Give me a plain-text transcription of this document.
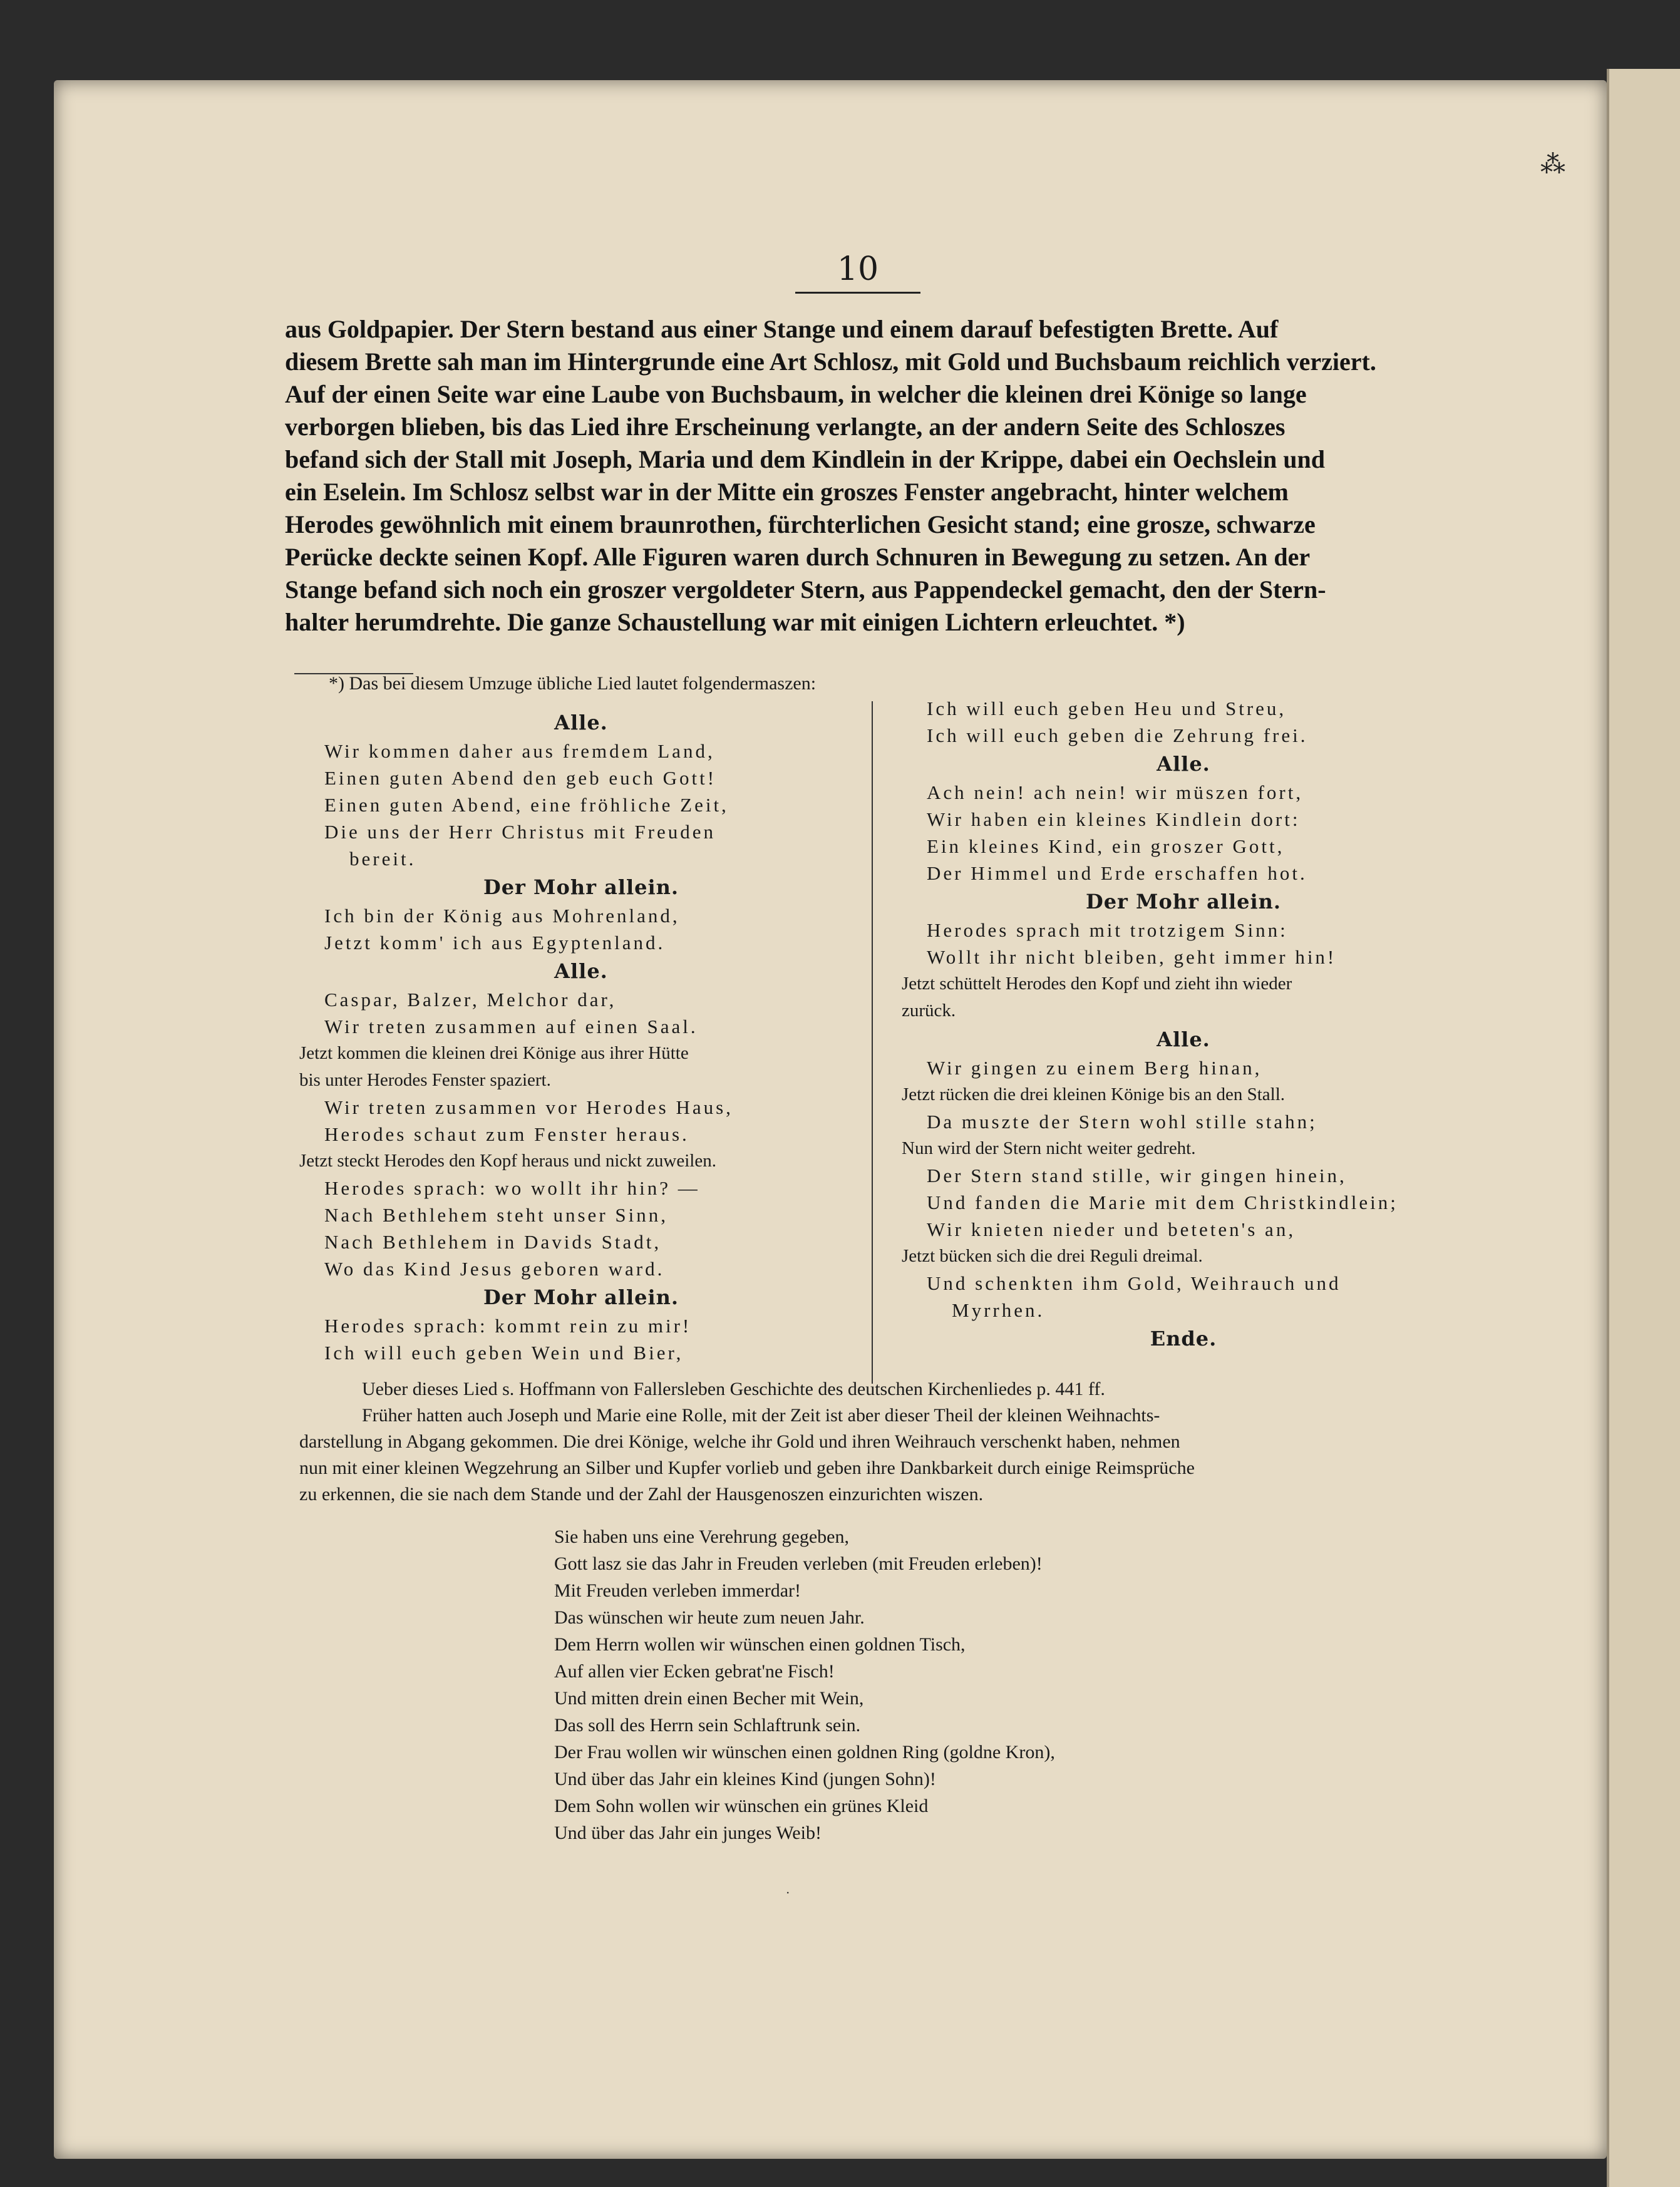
⁂
10
aus Goldpapier. Der Stern bestand aus einer Stange und einem darauf befestigten Brette. Auf
diesem Brette sah man im Hintergrunde eine Art Schlosz, mit Gold und Buchsbaum reichlich verziert.
Auf der einen Seite war eine Laube von Buchsbaum, in welcher die kleinen drei Könige so lange
verborgen blieben, bis das Lied ihre Erscheinung verlangte, an der andern Seite des Schloszes
befand sich der Stall mit Joseph, Maria und dem Kindlein in der Krippe, dabei ein Oechslein und
ein Eselein. Im Schlosz selbst war in der Mitte ein groszes Fenster angebracht, hinter welchem
Herodes gewöhnlich mit einem braunrothen, fürchterlichen Gesicht stand; eine grosze, schwarze
Perücke deckte seinen Kopf. Alle Figuren waren durch Schnuren in Bewegung zu setzen. An der
Stange befand sich noch ein groszer vergoldeter Stern, aus Pappendeckel gemacht, den der Stern-
halter herumdrehte. Die ganze Schaustellung war mit einigen Lichtern erleuchtet. *)
*) Das bei diesem Umzuge übliche Lied lautet folgendermaszen:
Alle.
Wir kommen daher aus fremdem Land,
Einen guten Abend den geb euch Gott!
Einen guten Abend, eine fröhliche Zeit,
Die uns der Herr Christus mit Freuden
bereit.
Der Mohr allein.
Ich bin der König aus Mohrenland,
Jetzt komm' ich aus Egyptenland.
Alle.
Caspar, Balzer, Melchor dar,
Wir treten zusammen auf einen Saal.
Jetzt kommen die kleinen drei Könige aus ihrer Hütte
bis unter Herodes Fenster spaziert.
Wir treten zusammen vor Herodes Haus,
Herodes schaut zum Fenster heraus.
Jetzt steckt Herodes den Kopf heraus und nickt zuweilen.
Herodes sprach: wo wollt ihr hin? —
Nach Bethlehem steht unser Sinn,
Nach Bethlehem in Davids Stadt,
Wo das Kind Jesus geboren ward.
Der Mohr allein.
Herodes sprach: kommt rein zu mir!
Ich will euch geben Wein und Bier,
Ich will euch geben Heu und Streu,
Ich will euch geben die Zehrung frei.
Alle.
Ach nein! ach nein! wir müszen fort,
Wir haben ein kleines Kindlein dort:
Ein kleines Kind, ein groszer Gott,
Der Himmel und Erde erschaffen hot.
Der Mohr allein.
Herodes sprach mit trotzigem Sinn:
Wollt ihr nicht bleiben, geht immer hin!
Jetzt schüttelt Herodes den Kopf und zieht ihn wieder
zurück.
Alle.
Wir gingen zu einem Berg hinan,
Jetzt rücken die drei kleinen Könige bis an den Stall.
Da muszte der Stern wohl stille stahn;
Nun wird der Stern nicht weiter gedreht.
Der Stern stand stille, wir gingen hinein,
Und fanden die Marie mit dem Christkindlein;
Wir knieten nieder und beteten's an,
Jetzt bücken sich die drei Reguli dreimal.
Und schenkten ihm Gold, Weihrauch und
Myrrhen.
Ende.
Ueber dieses Lied s. Hoffmann von Fallersleben Geschichte des deutschen Kirchenliedes p. 441 ff.
Früher hatten auch Joseph und Marie eine Rolle, mit der Zeit ist aber dieser Theil der kleinen Weihnachts-
darstellung in Abgang gekommen. Die drei Könige, welche ihr Gold und ihren Weihrauch verschenkt haben, nehmen
nun mit einer kleinen Wegzehrung an Silber und Kupfer vorlieb und geben ihre Dankbarkeit durch einige Reimsprüche
zu erkennen, die sie nach dem Stande und der Zahl der Hausgenoszen einzurichten wiszen.
Sie haben uns eine Verehrung gegeben,
Gott lasz sie das Jahr in Freuden verleben (mit Freuden erleben)!
Mit Freuden verleben immerdar!
Das wünschen wir heute zum neuen Jahr.
Dem Herrn wollen wir wünschen einen goldnen Tisch,
Auf allen vier Ecken gebrat'ne Fisch!
Und mitten drein einen Becher mit Wein,
Das soll des Herrn sein Schlaftrunk sein.
Der Frau wollen wir wünschen einen goldnen Ring (goldne Kron),
Und über das Jahr ein kleines Kind (jungen Sohn)!
Dem Sohn wollen wir wünschen ein grünes Kleid
Und über das Jahr ein junges Weib!
.
